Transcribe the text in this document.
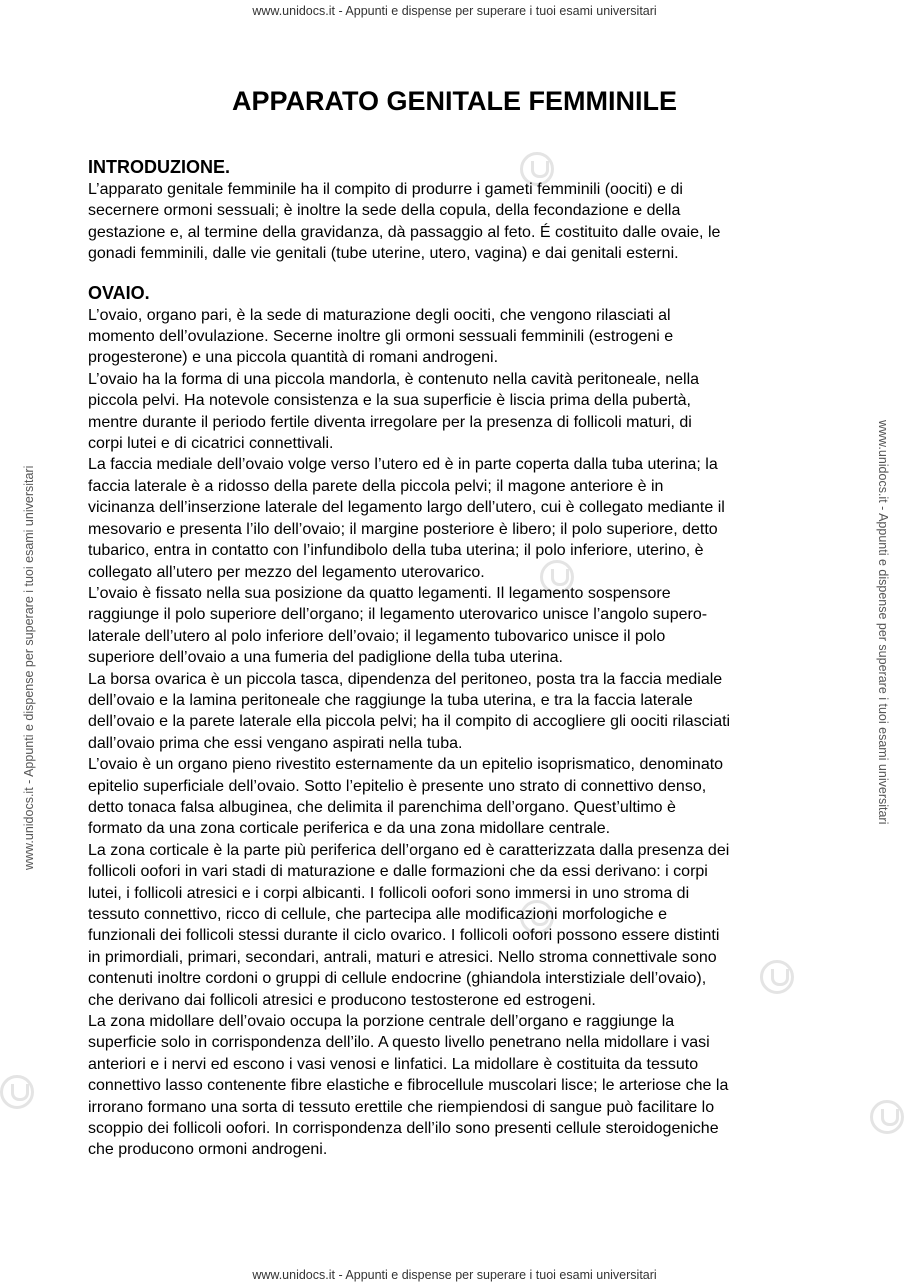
www.unidocs.it - Appunti e dispense per superare i tuoi esami universitari
www.unidocs.it - Appunti e dispense per superare i tuoi esami universitari
www.unidocs.it - Appunti e dispense per superare i tuoi esami universitari	www.unidocs.it - Appunti e dispense per superare i tuoi esami universitari
APPARATO GENITALE FEMMINILE
INTRODUZIONE.

L’apparato genitale femminile ha il compito di produrre i gameti femminili (oociti) e di
secernere ormoni sessuali; è inoltre la sede della copula, della fecondazione e della
gestazione e, al termine della gravidanza, dà passaggio al feto. É costituito dalle ovaie, le
gonadi femminili, dalle vie genitali (tube uterine, utero, vagina) e dai genitali esterni.

OVAIO.

L’ovaio, organo pari, è la sede di maturazione degli oociti, che vengono rilasciati al
momento dell’ovulazione. Secerne inoltre gli ormoni sessuali femminili (estrogeni e
progesterone) e una piccola quantità di romani androgeni.

L’ovaio ha la forma di una piccola mandorla, è contenuto nella cavità peritoneale, nella
piccola pelvi. Ha notevole consistenza e la sua superficie è liscia prima della pubertà,
mentre durante il periodo fertile diventa irregolare per la presenza di follicoli maturi, di
corpi lutei e di cicatrici connettivali.

La faccia mediale dell’ovaio volge verso l’utero ed è in parte coperta dalla tuba uterina; la
faccia laterale è a ridosso della parete della piccola pelvi; il magone anteriore è in
vicinanza dell’inserzione laterale del legamento largo dell’utero, cui è collegato mediante il
mesovario e presenta l’ilo dell’ovaio; il margine posteriore è libero; il polo superiore, detto
tubarico, entra in contatto con l’infundibolo della tuba uterina; il polo inferiore, uterino, è
collegato all’utero per mezzo del legamento uterovarico.

L’ovaio è fissato nella sua posizione da quatto legamenti. Il legamento sospensore
raggiunge il polo superiore dell’organo; il legamento uterovarico unisce l’angolo supero-
laterale dell’utero al polo inferiore dell’ovaio; il legamento tubovarico unisce il polo
superiore dell’ovaio a una fumeria del padiglione della tuba uterina.

La borsa ovarica è un piccola tasca, dipendenza del peritoneo, posta tra la faccia mediale
dell’ovaio e la lamina peritoneale che raggiunge la tuba uterina, e tra la faccia laterale
dell’ovaio e la parete laterale ella piccola pelvi; ha il compito di accogliere gli oociti rilasciati
dall’ovaio prima che essi vengano aspirati nella tuba.

L’ovaio è un organo pieno rivestito esternamente da un epitelio isoprismatico, denominato
epitelio superficiale dell’ovaio. Sotto l’epitelio è presente uno strato di connettivo denso,
detto tonaca falsa albuginea, che delimita il parenchima dell’organo. Quest’ultimo è
formato da una zona corticale periferica e da una zona midollare centrale.

La zona corticale è la parte più periferica dell’organo ed è caratterizzata dalla presenza dei
follicoli oofori in vari stadi di maturazione e dalle formazioni che da essi derivano: i corpi
lutei, i follicoli atresici e i corpi albicanti. I follicoli oofori sono immersi in uno stroma di
tessuto connettivo, ricco di cellule, che partecipa alle modificazioni morfologiche e
funzionali dei follicoli stessi durante il ciclo ovarico. I follicoli oofori possono essere distinti
in primordiali, primari, secondari, antrali, maturi e atresici. Nello stroma connettivale sono
contenuti inoltre cordoni o gruppi di cellule endocrine (ghiandola interstiziale dell’ovaio),
che derivano dai follicoli atresici e producono testosterone ed estrogeni.

La zona midollare dell’ovaio occupa la porzione centrale dell’organo e raggiunge la
superficie solo in corrispondenza dell’ilo. A questo livello penetrano nella midollare i vasi
anteriori e i nervi ed escono i vasi venosi e linfatici. La midollare è costituita da tessuto
connettivo lasso contenente fibre elastiche e fibrocellule muscolari lisce; le arteriose che la
irrorano formano una sorta di tessuto erettile che riempiendosi di sangue può facilitare lo
scoppio dei follicoli oofori. In corrispondenza dell’ilo sono presenti cellule steroidogeniche
che producono ormoni androgeni.
